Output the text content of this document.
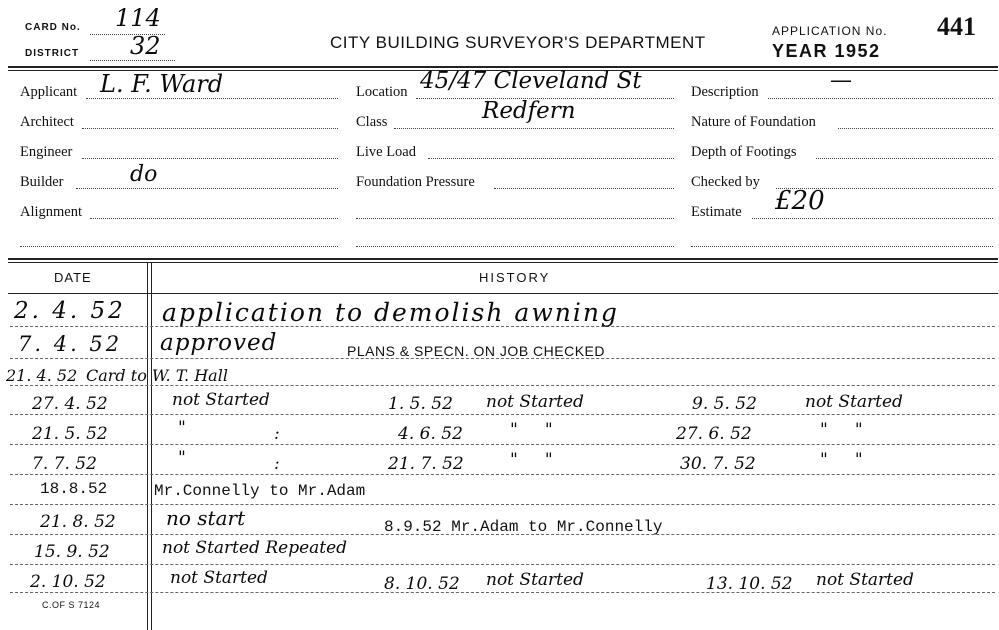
CARD No. 114
DISTRICT 32	CITY BUILDING SURVEYOR'S DEPARTMENT
APPLICATION No. 441
YEAR 1952
Applicant L. F. Ward
Architect
Engineer
Builder	do
Alignment
Location 45/47 Cleveland St
Class	Redfern
Live Load
Foundation Pressure
Description	—
Nature of Foundation
Depth of Footings
Checked by
Estimate £20
DATE	HISTORY
2. 4. 52 application to demolish awning
7. 4. 52 approved	PLANS & SPECN. ON JOB CHECKED
21. 4. 52 Card to W. T. Hall
27. 4. 52	not Started	1. 5. 52 not Started	9. 5. 52	not Started
21. 5. 52	"	:	4. 6. 52	"     "	27. 6. 52	"     "
7. 7. 52	"	:	21. 7. 52	"     "	30. 7. 52	"     "
18.8.52	Mr.Connelly to Mr.Adam
21. 8. 52	no start	8.9.52 Mr.Adam to Mr.Connelly
15. 9. 52	not Started Repeated
2. 10. 52	not Started	8. 10. 52 not Started	13. 10. 52 not Started
C.OF S 7124
